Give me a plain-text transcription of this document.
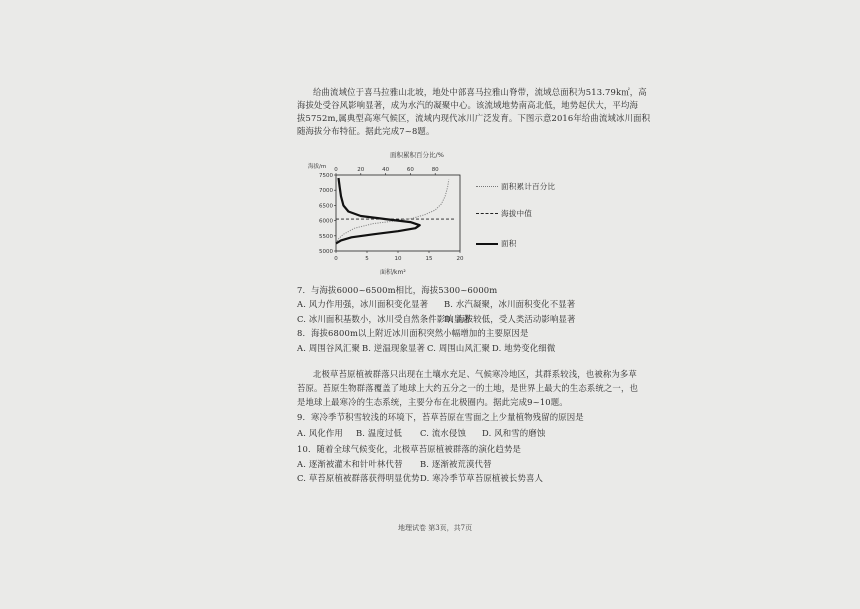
给曲流域位于喜马拉雅山北坡，地处中部喜马拉雅山脊带，流域总面积为513.79k㎡，高
海拔处受谷风影响显著，成为水汽的凝聚中心。该流域地势南高北低，地势起伏大，平均海
拔5752m,属典型高寒气候区，流域内现代冰川广泛发育。下图示意2016年给曲流域冰川面积
随海拔分布特征。据此完成7~8题。
面积累积百分比/%
海拔/m
面积/km²
7500
7000
6500
6000
5500
5000
0	5	10	15	20
0	20	40	60	80
面积累计百分比
海拔中值
面积
7．与海拔6000~6500m相比，海拔5300~6000m
A. 风力作用强，冰川面积变化显著 B. 水汽凝聚，冰川面积变化不显著
C. 冰川面积基数小，冰川受自然条件影响显著
D. 海拔较低，受人类活动影响显著
8．海拔6800m以上附近冰川面积突然小幅增加的主要原因是
A. 周围谷风汇聚 B. 逆温现象显著 C. 周围山风汇聚 D. 地势变化细微
北极草苔原植被群落只出现在土壤水充足、气候寒冷地区，其群系较浅，也被称为多草
苔原。苔原生物群落覆盖了地球上大约五分之一的土地，是世界上最大的生态系统之一，也
是地球上最寒冷的生态系统，主要分布在北极圈内。据此完成9~10题。
9．寒冷季节积雪较浅的环境下，苔草苔原在雪面之上少量植物残留的原因是
A. 风化作用 B. 温度过低 C. 流水侵蚀 D. 风和雪的磨蚀
10．随着全球气候变化，北极草苔原植被群落的演化趋势是
A. 逐渐被灌木和针叶林代替 B. 逐渐被荒漠代替
C. 草苔原植被群落获得明显优势 D. 寒冷季节草苔原植被长势喜人
地理试卷 第3页，共7页
